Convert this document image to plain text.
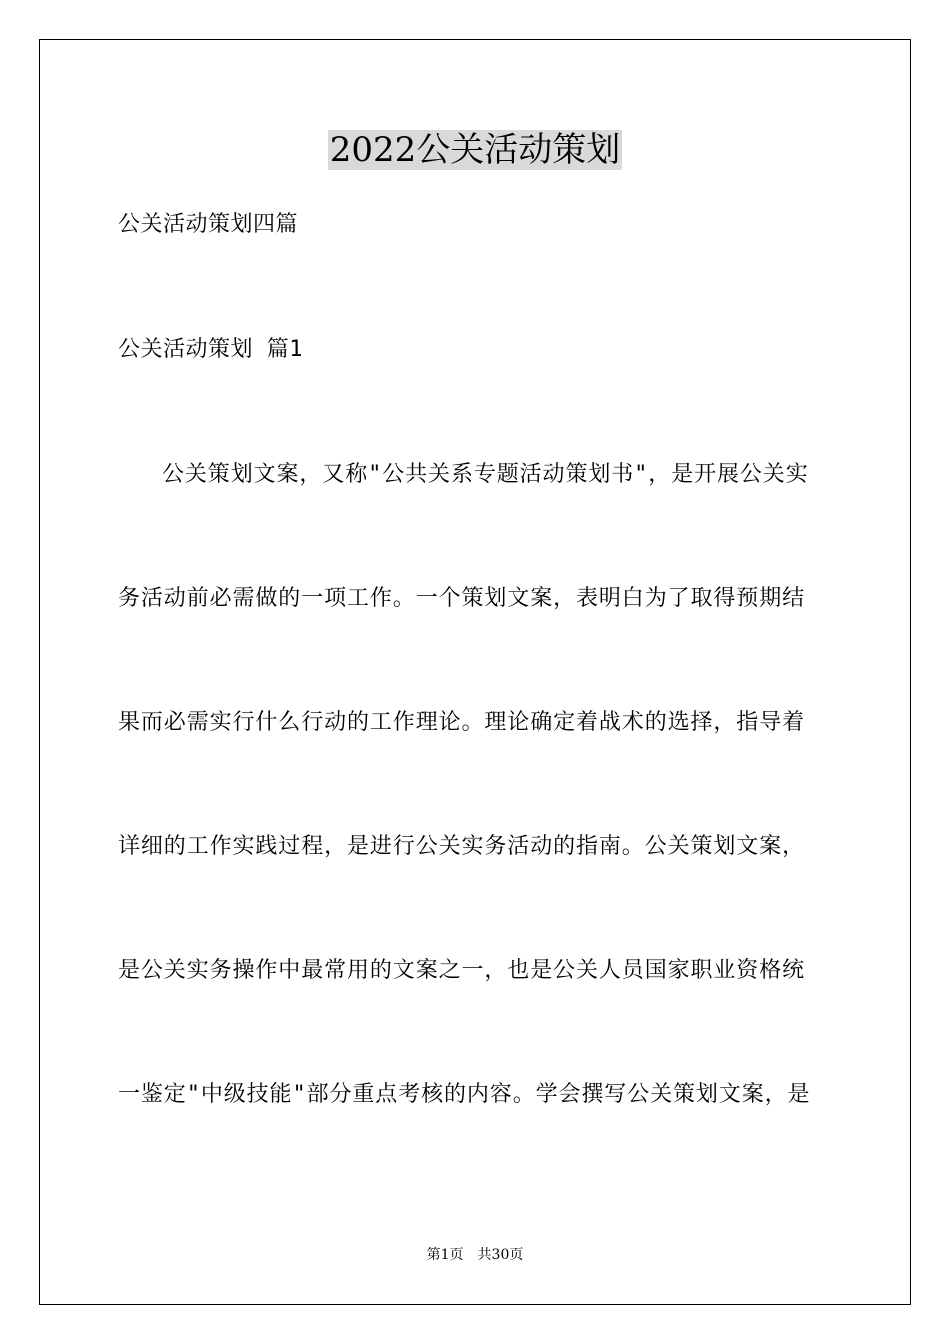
2022公关活动策划
公关活动策划四篇
公关活动策划 篇1
公关策划文案，又称"公共关系专题活动策划书"，是开展公关实
务活动前必需做的一项工作。一个策划文案，表明白为了取得预期结
果而必需实行什么行动的工作理论。理论确定着战术的选择，指导着
详细的工作实践过程，是进行公关实务活动的指南。公关策划文案，
是公关实务操作中最常用的文案之一，也是公关人员国家职业资格统
一鉴定"中级技能"部分重点考核的内容。学会撰写公关策划文案，是
第1页 共30页
